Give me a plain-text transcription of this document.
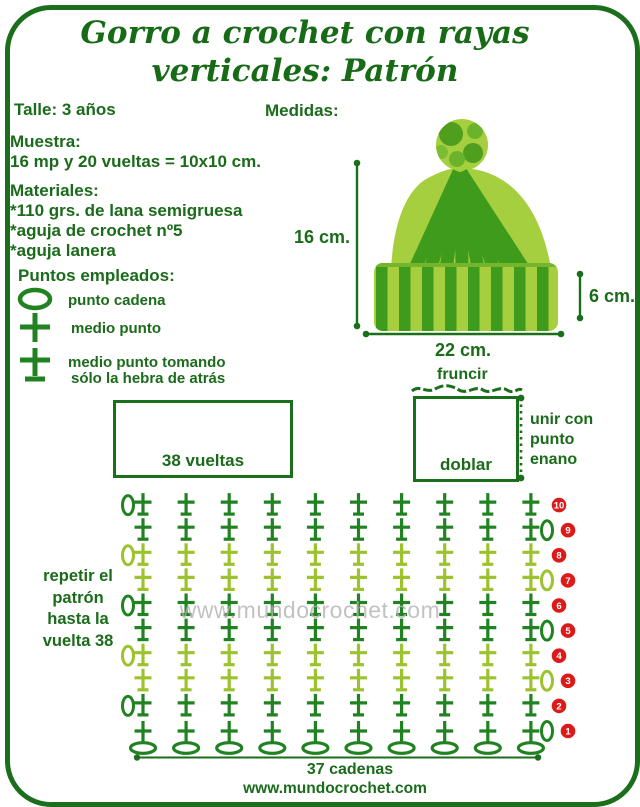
Gorro a crochet con rayas
verticales: Patrón
Talle: 3 años
Muestra:
16 mp y 20 vueltas = 10x10 cm.
Materiales:
*110 grs. de lana semigruesa
*aguja de crochet nº5
*aguja lanera
Puntos empleados:
punto cadena
medio punto
medio punto tomando
sólo la hebra de atrás
Medidas:
16 cm.
6 cm.
22 cm.
38 vueltas
fruncir
doblar
unir con
punto
enano
repetir el
patrón
hasta la
vuelta 38
1
2
3
4
5
6
7
8
9
10
www.mundocrochet.com
37 cadenas
www.mundocrochet.com
